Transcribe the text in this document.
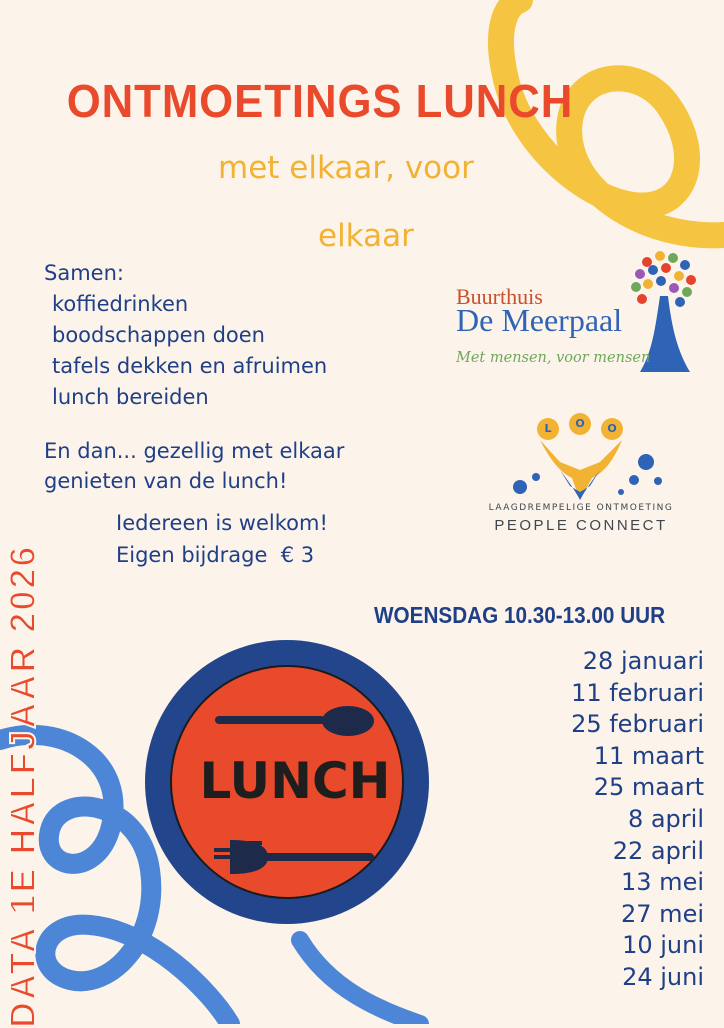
ONTMOETINGS LUNCH
met elkaar, voor
elkaar
Samen:
koffiedrinken
boodschappen doen
tafels dekken en afruimen
lunch bereiden
En dan... gezellig met elkaar
genieten van de lunch!
Iedereen is welkom!
Eigen bijdrage  € 3
Buurthuis
De Meerpaal
Met mensen, voor mensen
L	O	O
LAAGDREMPELIGE ONTMOETING
PEOPLE CONNECT
WOENSDAG 10.30-13.00 UUR
28 januari
11 februari
25 februari
11 maart
25 maart
8 april
22 april
13 mei
27 mei
10 juni
24 juni
DATA 1E HALFJAAR 2026	LUNCH
